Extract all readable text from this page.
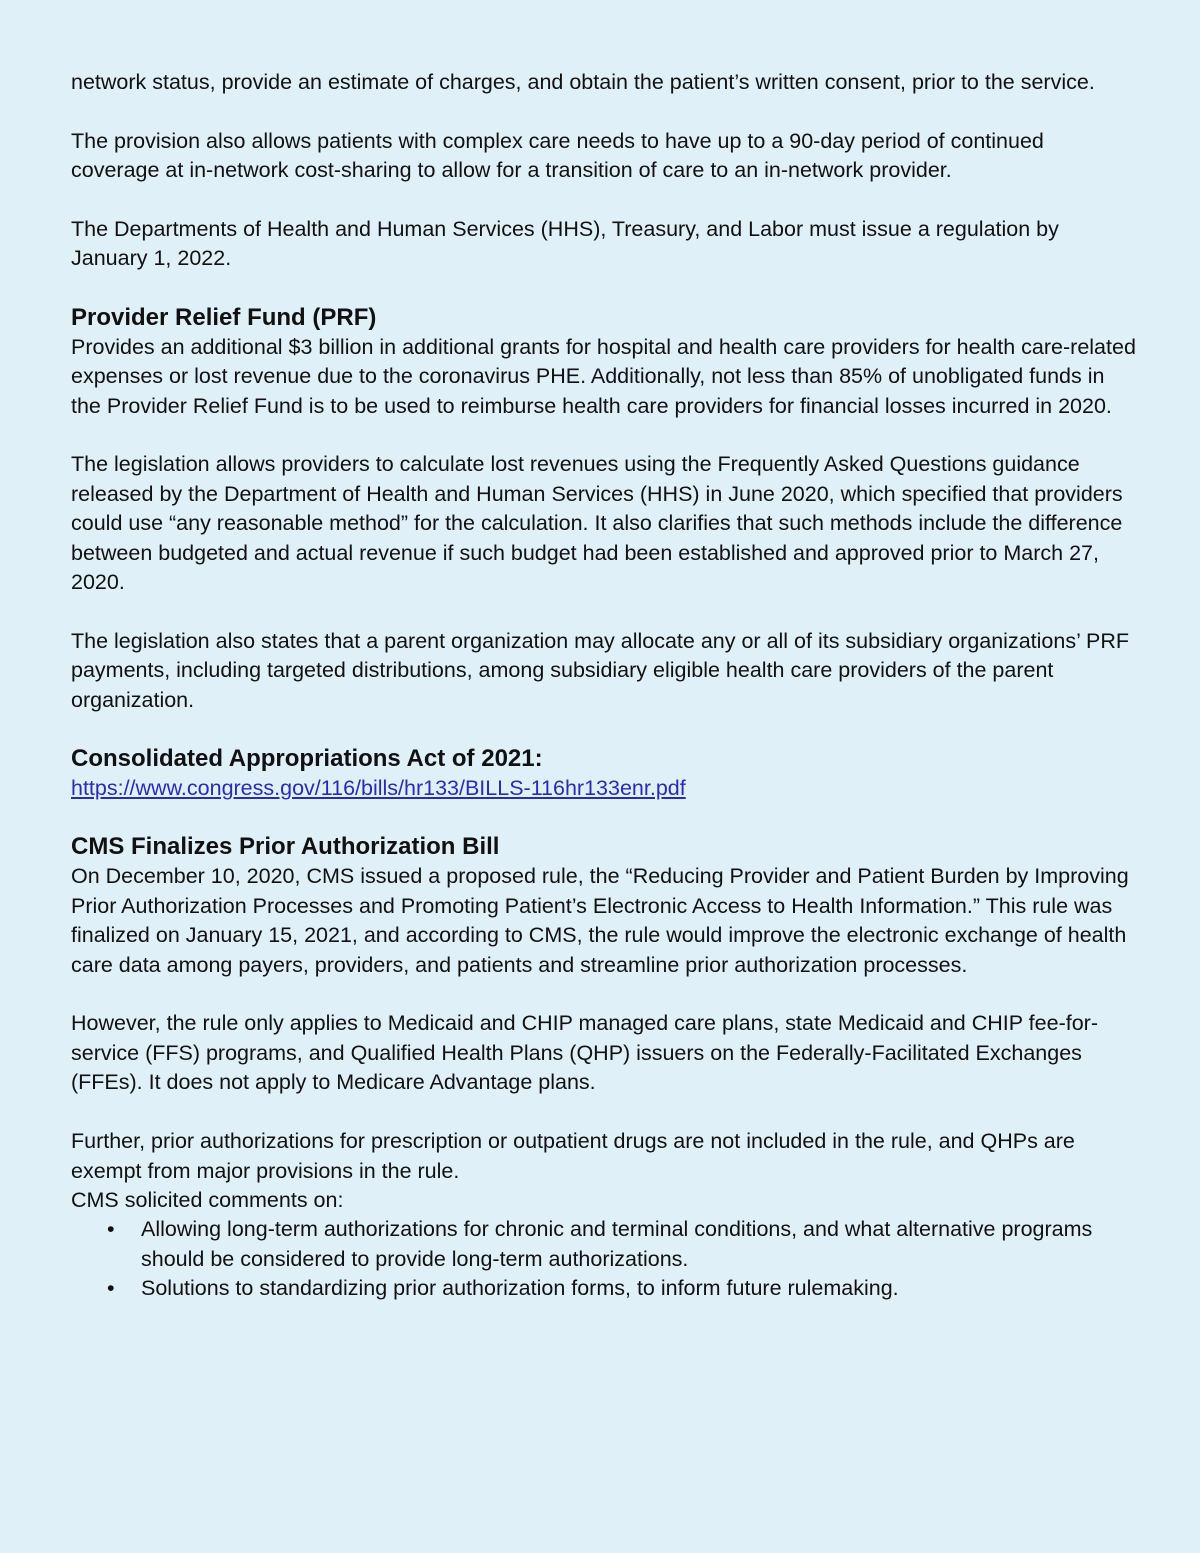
network status, provide an estimate of charges, and obtain the patient’s written consent, prior to the service.

The provision also allows patients with complex care needs to have up to a 90-day period of continued coverage at in-network cost-sharing to allow for a transition of care to an in-network provider.

The Departments of Health and Human Services (HHS), Treasury, and Labor must issue a regulation by January 1, 2022.

Provider Relief Fund (PRF)

Provides an additional $3 billion in additional grants for hospital and health care providers for health care-related expenses or lost revenue due to the coronavirus PHE. Additionally, not less than 85% of unobligated funds in the Provider Relief Fund is to be used to reimburse health care providers for financial losses incurred in 2020.

The legislation allows providers to calculate lost revenues using the Frequently Asked Questions guidance released by the Department of Health and Human Services (HHS) in June 2020, which specified that providers could use “any reasonable method” for the calculation. It also clarifies that such methods include the difference between budgeted and actual revenue if such budget had been established and approved prior to March 27, 2020.

The legislation also states that a parent organization may allocate any or all of its subsidiary organizations’ PRF payments, including targeted distributions, among subsidiary eligible health care providers of the parent organization.

Consolidated Appropriations Act of 2021:
https://www.congress.gov/116/bills/hr133/BILLS-116hr133enr.pdf
CMS Finalizes Prior Authorization Bill

On December 10, 2020, CMS issued a proposed rule, the “Reducing Provider and Patient Burden by Improving Prior Authorization Processes and Promoting Patient’s Electronic Access to Health Information.” This rule was finalized on January 15, 2021, and according to CMS, the rule would improve the electronic exchange of health care data among payers, providers, and patients and streamline prior authorization processes.

However, the rule only applies to Medicaid and CHIP managed care plans, state Medicaid and CHIP fee-for-service (FFS) programs, and Qualified Health Plans (QHP) issuers on the Federally-Facilitated Exchanges (FFEs). It does not apply to Medicare Advantage plans.

Further, prior authorizations for prescription or outpatient drugs are not included in the rule, and QHPs are exempt from major provisions in the rule.

CMS solicited comments on:

• Allowing long-term authorizations for chronic and terminal conditions, and what alternative programs should be considered to provide long-term authorizations.
• Solutions to standardizing prior authorization forms, to inform future rulemaking.
